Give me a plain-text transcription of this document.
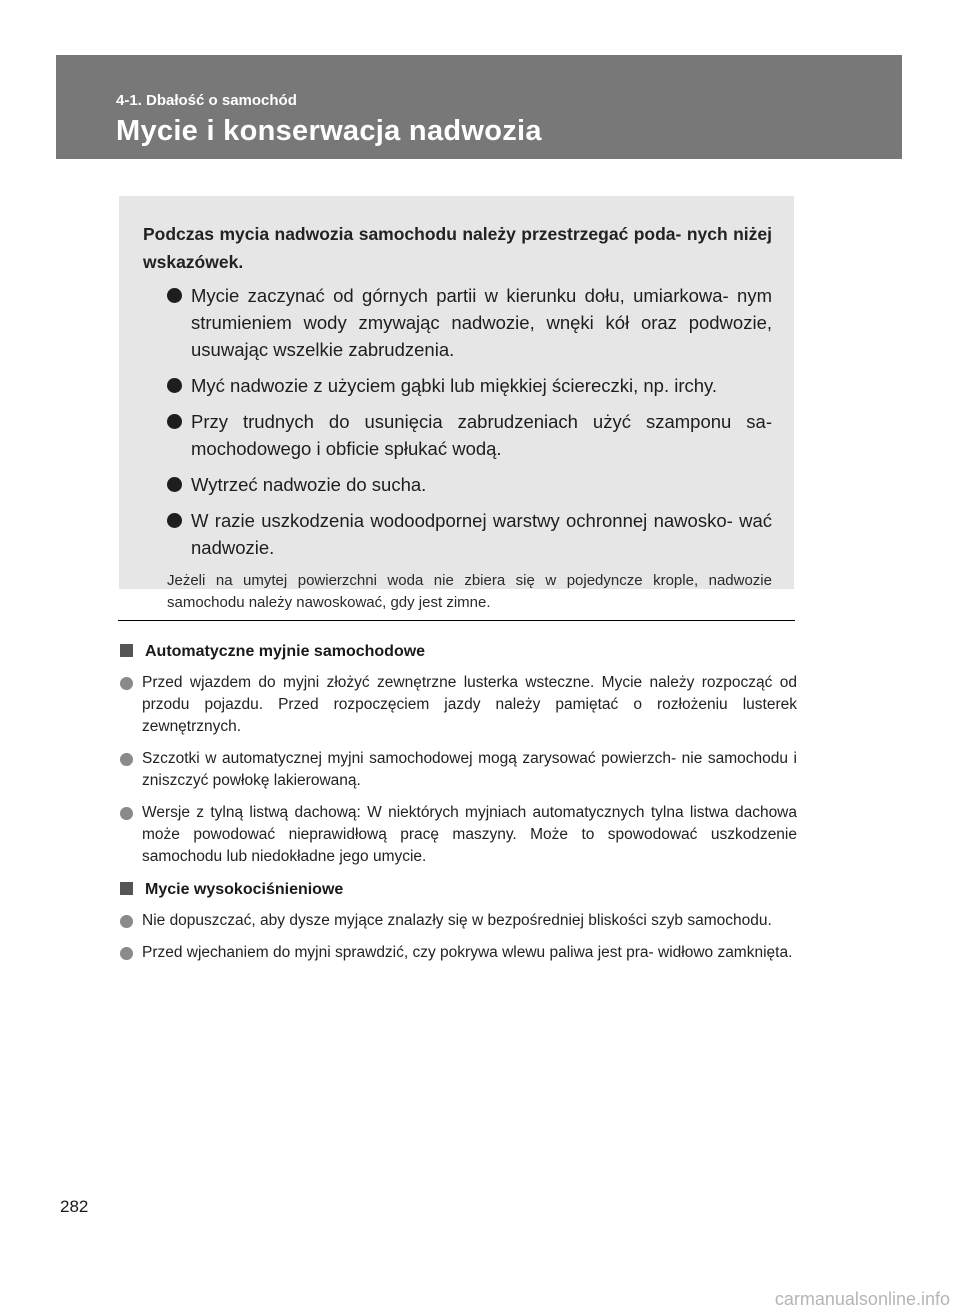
4-1. Dbałość o samochód
Mycie i konserwacja nadwozia

Podczas mycia nadwozia samochodu należy przestrzegać poda- nych niżej wskazówek.

Mycie zaczynać od górnych partii w kierunku dołu, umiarkowa- nym strumieniem wody zmywając nadwozie, wnęki kół oraz podwozie, usuwając wszelkie zabrudzenia.
Myć nadwozie z użyciem gąbki lub miękkiej ściereczki, np. irchy.
Przy trudnych do usunięcia zabrudzeniach użyć szamponu sa- mochodowego i obficie spłukać wodą.
Wytrzeć nadwozie do sucha.
W razie uszkodzenia wodoodpornej warstwy ochronnej nawosko- wać nadwozie.
Jeżeli na umytej powierzchni woda nie zbiera się w pojedyncze krople, nadwozie samochodu należy nawoskować, gdy jest zimne.
Automatyczne myjnie samochodowe
Przed wjazdem do myjni złożyć zewnętrzne lusterka wsteczne. Mycie należy rozpocząć od przodu pojazdu. Przed rozpoczęciem jazdy należy pamiętać o rozłożeniu lusterek zewnętrznych.
Szczotki w automatycznej myjni samochodowej mogą zarysować powierzch- nie samochodu i zniszczyć powłokę lakierowaną.
Wersje z tylną listwą dachową: W niektórych myjniach automatycznych tylna listwa dachowa może powodować nieprawidłową pracę maszyny. Może to spowodować uszkodzenie samochodu lub niedokładne jego umycie.
Mycie wysokociśnieniowe
Nie dopuszczać, aby dysze myjące znalazły się w bezpośredniej bliskości szyb samochodu.
Przed wjechaniem do myjni sprawdzić, czy pokrywa wlewu paliwa jest pra- widłowo zamknięta.
282
carmanualsonline.info
